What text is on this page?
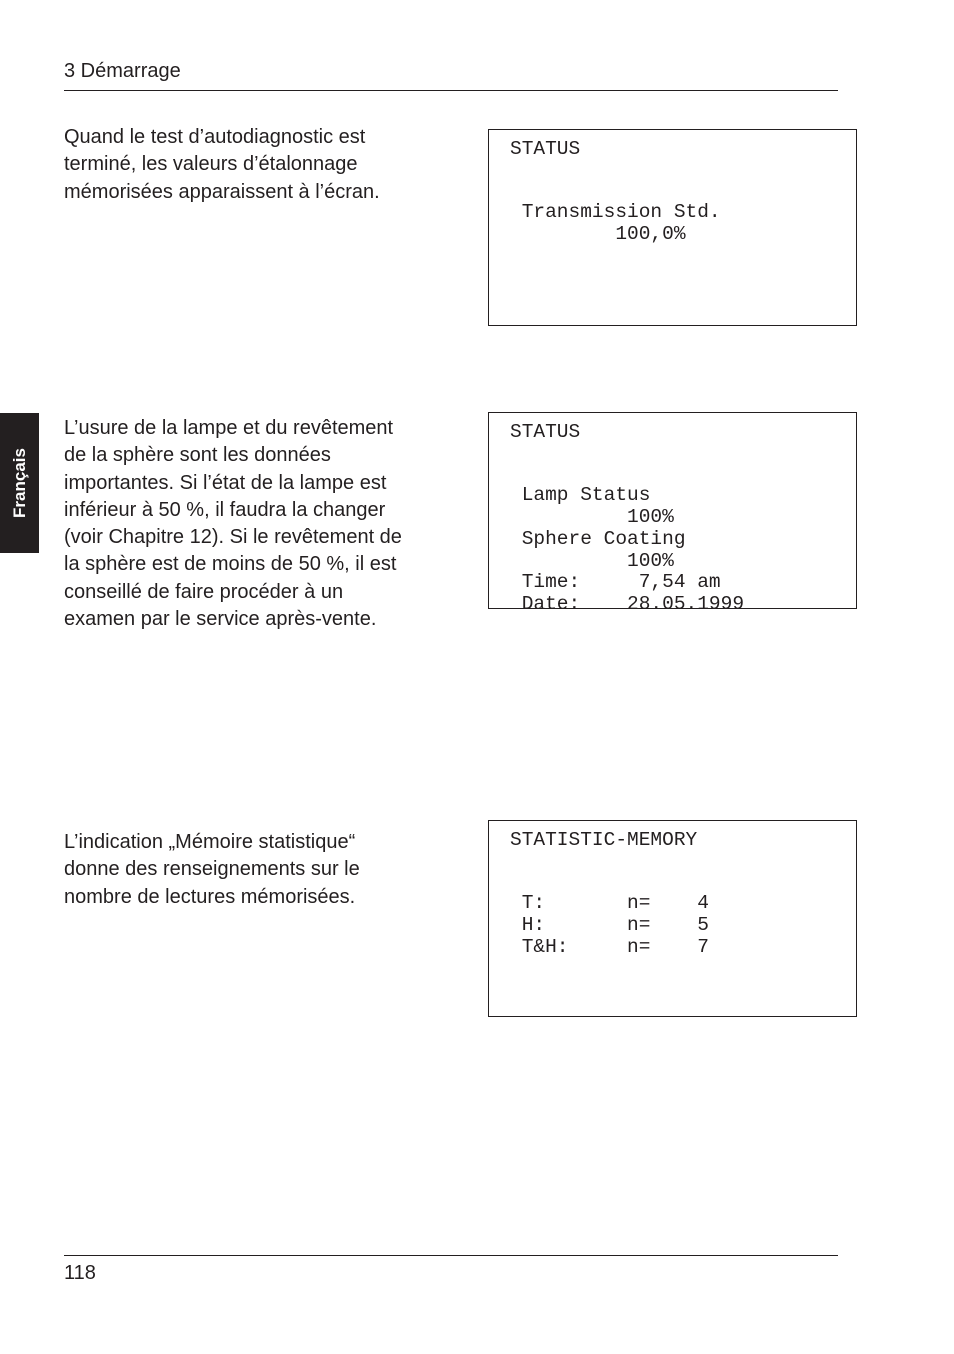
3 Démarrage
Français
Quand le test d’autodiagnostic est
terminé, les valeurs d’étalonnage
mémorisées apparaissent à l’écran.
STATUS
Transmission Std.
100,0%
L’usure de la lampe et du revêtement
de la sphère sont les données
importantes. Si l’état de la lampe est
inférieur à 50 %, il faudra la changer
(voir Chapitre 12). Si le revêtement de
la sphère est de moins de 50 %, il est
conseillé de faire procéder à un
examen par le service après-vente.
STATUS
Lamp Status
100%
Sphere Coating
100%
Time:     7,54 am
Date:    28.05.1999
L’indication „Mémoire statistique“
donne des renseignements sur le
nombre de lectures mémorisées.
STATISTIC-MEMORY
T:       n=    4
H:       n=    5
T&H:     n=    7
118
